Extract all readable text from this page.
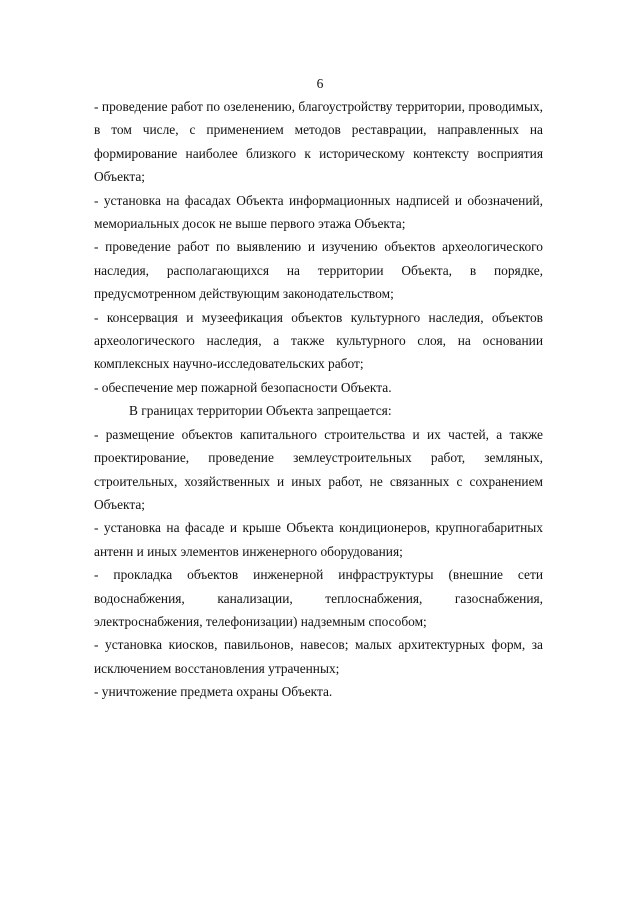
6

- проведение работ по озеленению, благоустройству территории, проводимых, в том числе, с применением методов реставрации, направленных на формирование наиболее близкого к историческому контексту восприятия Объекта;

- установка на фасадах Объекта информационных надписей и обозначений, мемориальных досок не выше первого этажа Объекта;

- проведение работ по выявлению и изучению объектов археологического наследия, располагающихся на территории Объекта, в порядке, предусмотренном действующим законодательством;

- консервация и музеефикация объектов культурного наследия, объектов археологического наследия, а также культурного слоя, на основании комплексных научно-исследовательских работ;

- обеспечение мер пожарной безопасности Объекта.

В границах территории Объекта запрещается:

- размещение объектов капитального строительства и их частей, а также проектирование, проведение землеустроительных работ, земляных, строительных, хозяйственных и иных работ, не связанных с сохранением Объекта;

- установка на фасаде и крыше Объекта кондиционеров, крупногабаритных антенн и иных элементов инженерного оборудования;

- прокладка объектов инженерной инфраструктуры (внешние сети водоснабжения, канализации, теплоснабжения, газоснабжения, электроснабжения, телефонизации) надземным способом;

- установка киосков, павильонов, навесов; малых архитектурных форм, за исключением восстановления утраченных;

- уничтожение предмета охраны Объекта.
